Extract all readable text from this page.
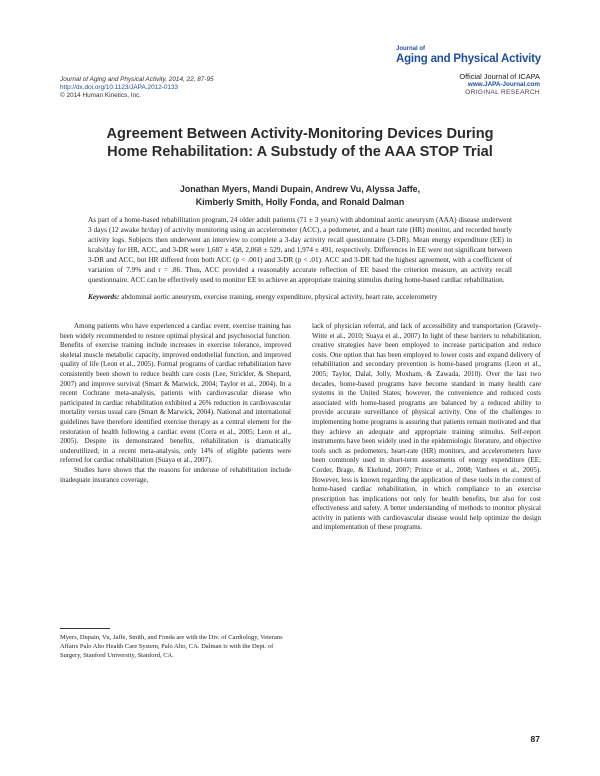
Journal of Aging and Physical Activity, 2014, 22, 87-95
http://dx.doi.org/10.1123/JAPA.2012-0133
© 2014 Human Kinetics, Inc.
Journal of
Aging and Physical Activity
Official Journal of ICAPA
www.JAPA-Journal.com
ORIGINAL RESEARCH
Agreement Between Activity-Monitoring Devices During
Home Rehabilitation: A Substudy of the AAA STOP Trial
Jonathan Myers, Mandi Dupain, Andrew Vu, Alyssa Jaffe,
Kimberly Smith, Holly Fonda, and Ronald Dalman
As part of a home-based rehabilitation program, 24 older adult patients (71 ± 3 years) with abdominal aortic aneurysm (AAA) disease underwent 3 days (12 awake hr/day) of activity monitoring using an accelerometer (ACC), a pedometer, and a heart rate (HR) monitor, and recorded hourly activity logs. Subjects then underwent an interview to complete a 3-day activity recall questionnaire (3-DR). Mean energy expenditure (EE) in kcals/day for HR, ACC, and 3-DR were 1,687 ± 458, 2,068 ± 529, and 1,974 ± 491, respectively. Differences in EE were not significant between 3-DR and ACC, but HR differed from both ACC (p < .001) and 3-DR (p < .01). ACC and 3-DR had the highest agreement, with a coefficient of variation of 7.9% and r = .86. Thus, ACC provided a reasonably accurate reflection of EE based the criterion measure, an activity recall questionnaire. ACC can be effectively used to monitor EE to achieve an appropriate training stimulus during home-based cardiac rehabilitation.
Keywords: abdominal aortic aneurysm, exercise training, energy expenditure, physical activity, heart rate, accelerometry

Among patients who have experienced a cardiac event, exercise training has been widely recommended to restore optimal physical and psychosocial function. Benefits of exercise training include increases in exercise tolerance, improved skeletal muscle metabolic capacity, improved endothelial function, and improved quality of life (Leon et al., 2005). Formal programs of cardiac rehabilitation have consistently been shown to reduce health care costs (Lee, Strickler, & Shepard, 2007) and improve survival (Smart & Marwick, 2004; Taylor et al., 2004). In a recent Cochrane meta-analysis, patients with cardiovascular disease who participated in cardiac rehabilitation exhibited a 26% reduction in cardiovascular mortality versus usual care (Smart & Marwick, 2004). National and international guidelines have therefore identified exercise therapy as a central element for the restoration of health following a cardiac event (Corra et al., 2005; Leon et al., 2005). Despite its demonstrated benefits, rehabilitation is dramatically underutilized; in a recent meta-analysis, only 14% of eligible patients were referred for cardiac rehabilitation (Suaya et al., 2007).

Studies have shown that the reasons for underuse of rehabilitation include inadequate insurance coverage,

lack of physician referral, and lack of accessibility and transportation (Gravely-Witte et al., 2010; Suaya et al., 2007) In light of these barriers to rehabilitation, creative strategies have been employed to increase participation and reduce costs. One option that has been employed to lower costs and expand delivery of rehabilitation and secondary prevention is home-based programs (Leon et al., 2005; Taylor, Dalal, Jolly, Moxham, & Zawada, 2010). Over the last two decades, home-based programs have become standard in many health care systems in the United States; however, the convenience and reduced costs associated with home-based programs are balanced by a reduced ability to provide accurate surveillance of physical activity. One of the challenges to implementing home programs is assuring that patients remain motivated and that they achieve an adequate and appropriate training stimulus. Self-report instruments have been widely used in the epidemiologic literature, and objective tools such as pedometers, heart-rate (HR) monitors, and accelerometers have been commonly used in short-term assessments of energy expenditure (EE; Corder, Brage, & Ekelund, 2007; Prince et al., 2008; Vanhees et al., 2005). However, less is known regarding the application of these tools in the context of home-based cardiac rehabilitation, in which compliance to an exercise prescription has implications not only for health benefits, but also for cost effectiveness and safety. A better understanding of methods to monitor physical activity in patients with cardiovascular disease would help optimize the design and implementation of these programs.

Myers, Dupain, Vu, Jaffe, Smith, and Fonda are with the Div. of Cardiology, Veterans Affairs Palo Alto Health Care System, Palo Alto, CA. Dalman is with the Dept. of Surgery, Stanford University, Stanford, CA.
87
